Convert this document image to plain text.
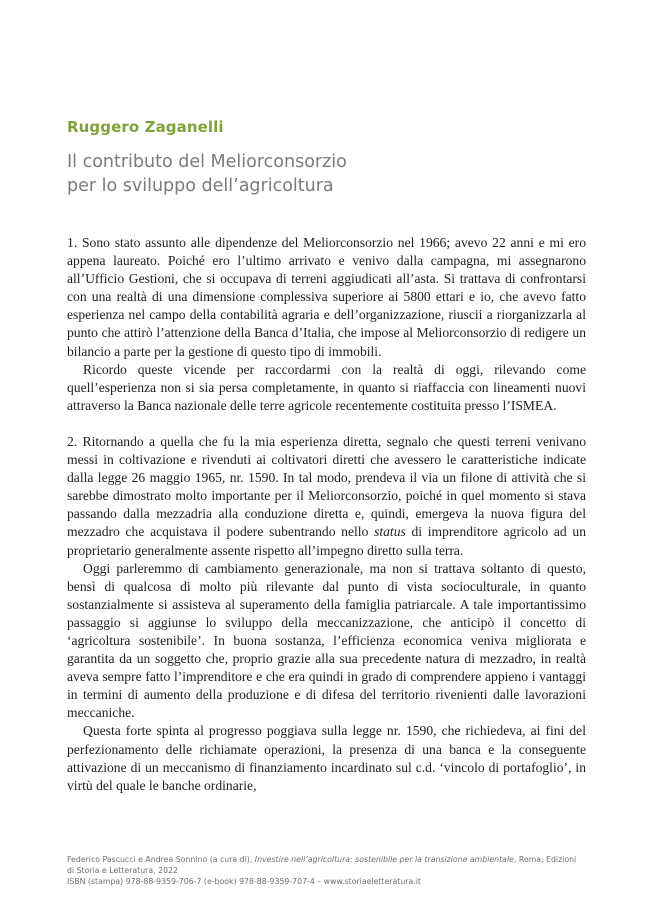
Ruggero Zaganelli
Il contributo del Meliorconsorzio
per lo sviluppo dell’agricoltura

1. Sono stato assunto alle dipendenze del Meliorconsorzio nel 1966; avevo 22 anni e mi ero appena laureato. Poiché ero l’ultimo arrivato e venivo dalla campagna, mi assegnarono all’Ufficio Gestioni, che si occupava di terreni aggiudicati all’asta. Si trattava di confrontarsi con una realtà di una dimensione complessiva superiore ai 5800 ettari e io, che avevo fatto esperienza nel campo della contabilità agraria e dell’organizzazione, riuscii a riorganizzarla al punto che attirò l’attenzione della Banca d’Italia, che impose al Meliorconsorzio di redigere un bilancio a parte per la gestione di questo tipo di immobili.

Ricordo queste vicende per raccordarmi con la realtà di oggi, rilevando come quell’esperienza non si sia persa completamente, in quanto si riaffaccia con lineamenti nuovi attraverso la Banca nazionale delle terre agricole recentemente costituita presso l’ISMEA.

2. Ritornando a quella che fu la mia esperienza diretta, segnalo che questi terreni venivano messi in coltivazione e rivenduti ai coltivatori diretti che avessero le caratteristiche indicate dalla legge 26 maggio 1965, nr. 1590. In tal modo, prendeva il via un filone di attività che si sarebbe dimostrato molto importante per il Meliorconsorzio, poiché in quel momento si stava passando dalla mezzadria alla conduzione diretta e, quindi, emergeva la nuova figura del mezzadro che acquistava il podere subentrando nello status di imprenditore agricolo ad un proprietario generalmente assente rispetto all’impegno diretto sulla terra.

Oggi parleremmo di cambiamento generazionale, ma non si trattava soltanto di questo, bensì di qualcosa di molto più rilevante dal punto di vista socioculturale, in quanto sostanzialmente si assisteva al superamento della famiglia patriarcale. A tale importantissimo passaggio si aggiunse lo sviluppo della meccanizzazione, che anticipò il concetto di ‘agricoltura sostenibile’. In buona sostanza, l’efficienza economica veniva migliorata e garantita da un soggetto che, proprio grazie alla sua precedente natura di mezzadro, in realtà aveva sempre fatto l’imprenditore e che era quindi in grado di comprendere appieno i vantaggi in termini di aumento della produzione e di difesa del territorio rivenienti dalle lavorazioni meccaniche.

Questa forte spinta al progresso poggiava sulla legge nr. 1590, che richiedeva, ai fini del perfezionamento delle richiamate operazioni, la presenza di una banca e la conseguente attivazione di un meccanismo di finanziamento incardinato sul c.d. ‘vincolo di portafoglio’, in virtù del quale le banche ordinarie,

Federico Pascucci e Andrea Sonnino (a cura di), Investire nell’agricoltura: sostenibile per la transizione ambientale, Roma, Edizioni
di Storia e Letteratura, 2022
ISBN (stampa) 978-88-9359-706-7 (e-book) 978-88-9359-707-4 – www.storiaeletteratura.it
